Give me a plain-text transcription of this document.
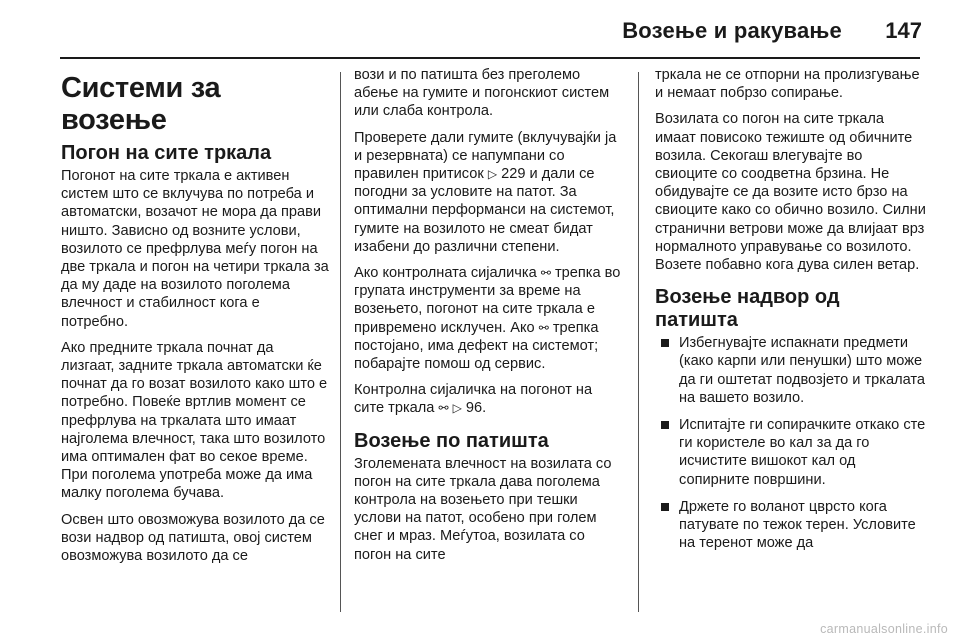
Возење и ракување 147
Системи за возење
Погон на сите тркала

Погонот на сите тркала е активен систем што се вклучува по потреба и автоматски, возачот не мора да прави ништо. Зависно од возните услови, возилото се префрлува меѓу погон на две тркала и погон на четири тркала за да му даде на возилото поголема влечност и стабилност кога е потребно.

Ако предните тркала почнат да лизгаат, задните тркала автоматски ќе почнат да го возат возилото како што е потребно. Повеќе вртлив момент се префрлува на тркалата што имаат најголема влечност, така што возилото има оптимален фат во секое време. При поголема употреба може да има малку поголема бучава.

Освен што овозможува возилото да се вози надвор од патишта, овој систем овозможува возилото да се

вози и по патишта без преголемо абење на гумите и погонскиот систем или слаба контрола.

Проверете дали гумите (вклучувајќи ја и резервната) се напумпани со правилен притисок ▷ 229 и дали се погодни за условите на патот. За оптимални перформанси на системот, гумите на возилото не смеат бидат изабени до различни степени.

Ако контролната сијаличка ⚯ трепка во групата инструменти за време на возењето, погонот на сите тркала е привремено исклучен. Ако ⚯ трепка постојано, има дефект на системот; побарајте помош од сервис.

Контролна сијаличка на погонот на сите тркала ⚯ ▷ 96.

Возење по патишта

Зголемената влечност на возилата со погон на сите тркала дава поголема контрола на возењето при тешки услови на патот, особено при голем снег и мраз. Меѓутоа, возилата со погон на сите

тркала не се отпорни на пролизгување и немаат побрзо сопирање.

Возилата со погон на сите тркала имаат повисоко тежиште од обичните возила. Секогаш влегувајте во свиоците со соодветна брзина. Не обидувајте се да возите исто брзо на свиоците како со обично возило. Силни странични ветрови може да влијаат врз нормалното управување со возилото. Возете побавно кога дува силен ветар.

Возење надвор од патишта
Избегнувајте испакнати предмети (како карпи или пенушки) што може да ги оштетат подвозјето и тркалата на вашето возило.
Испитајте ги сопирачките откако сте ги користеле во кал за да го исчистите вишокот кал од сопирните површини.
Држете го воланот цврсто кога патувате по тежок терен. Условите на теренот може да
carmanualsonline.info
